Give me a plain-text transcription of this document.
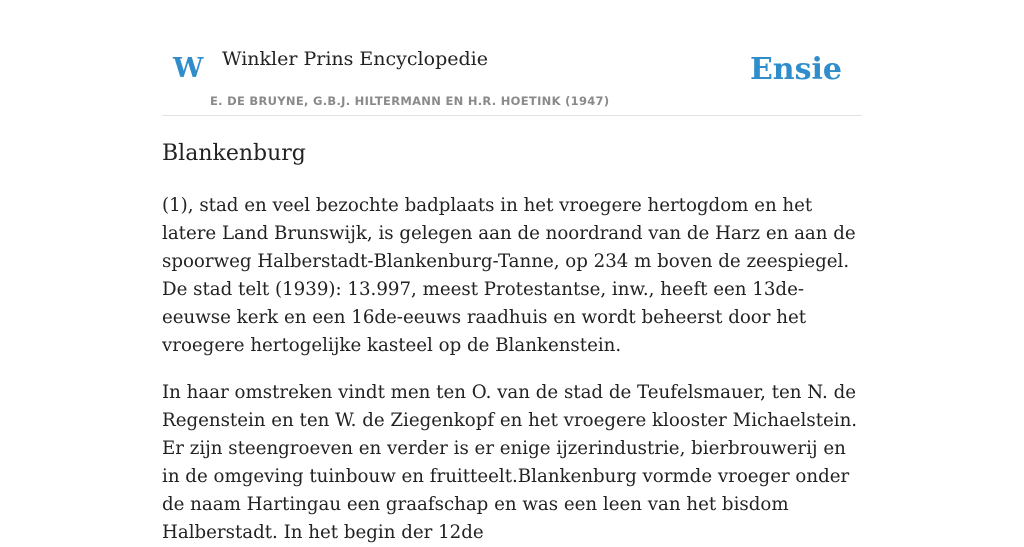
W Winkler Prins Encyclopedie
E. DE BRUYNE, G.B.J. HILTERMANN EN H.R. HOETINK (1947)
Ensie
Blankenburg

(1), stad en veel bezochte badplaats in het vroegere hertogdom en het latere Land Brunswijk, is gelegen aan de noordrand van de Harz en aan de spoorweg Halberstadt-Blankenburg-Tanne, op 234 m boven de zeespiegel. De stad telt (1939): 13.997, meest Protestantse, inw., heeft een 13de-eeuwse kerk en een 16de-eeuws raadhuis en wordt beheerst door het vroegere hertogelijke kasteel op de Blankenstein.

In haar omstreken vindt men ten O. van de stad de Teufelsmauer, ten N. de Regenstein en ten W. de Ziegenkopf en het vroegere klooster Michaelstein. Er zijn steengroeven en verder is er enige ijzerindustrie, bierbrouwerij en in de omgeving tuinbouw en fruitteelt.Blankenburg vormde vroeger onder de naam Hartingau een graafschap en was een leen van het bisdom Halberstadt. In het begin der 12de
